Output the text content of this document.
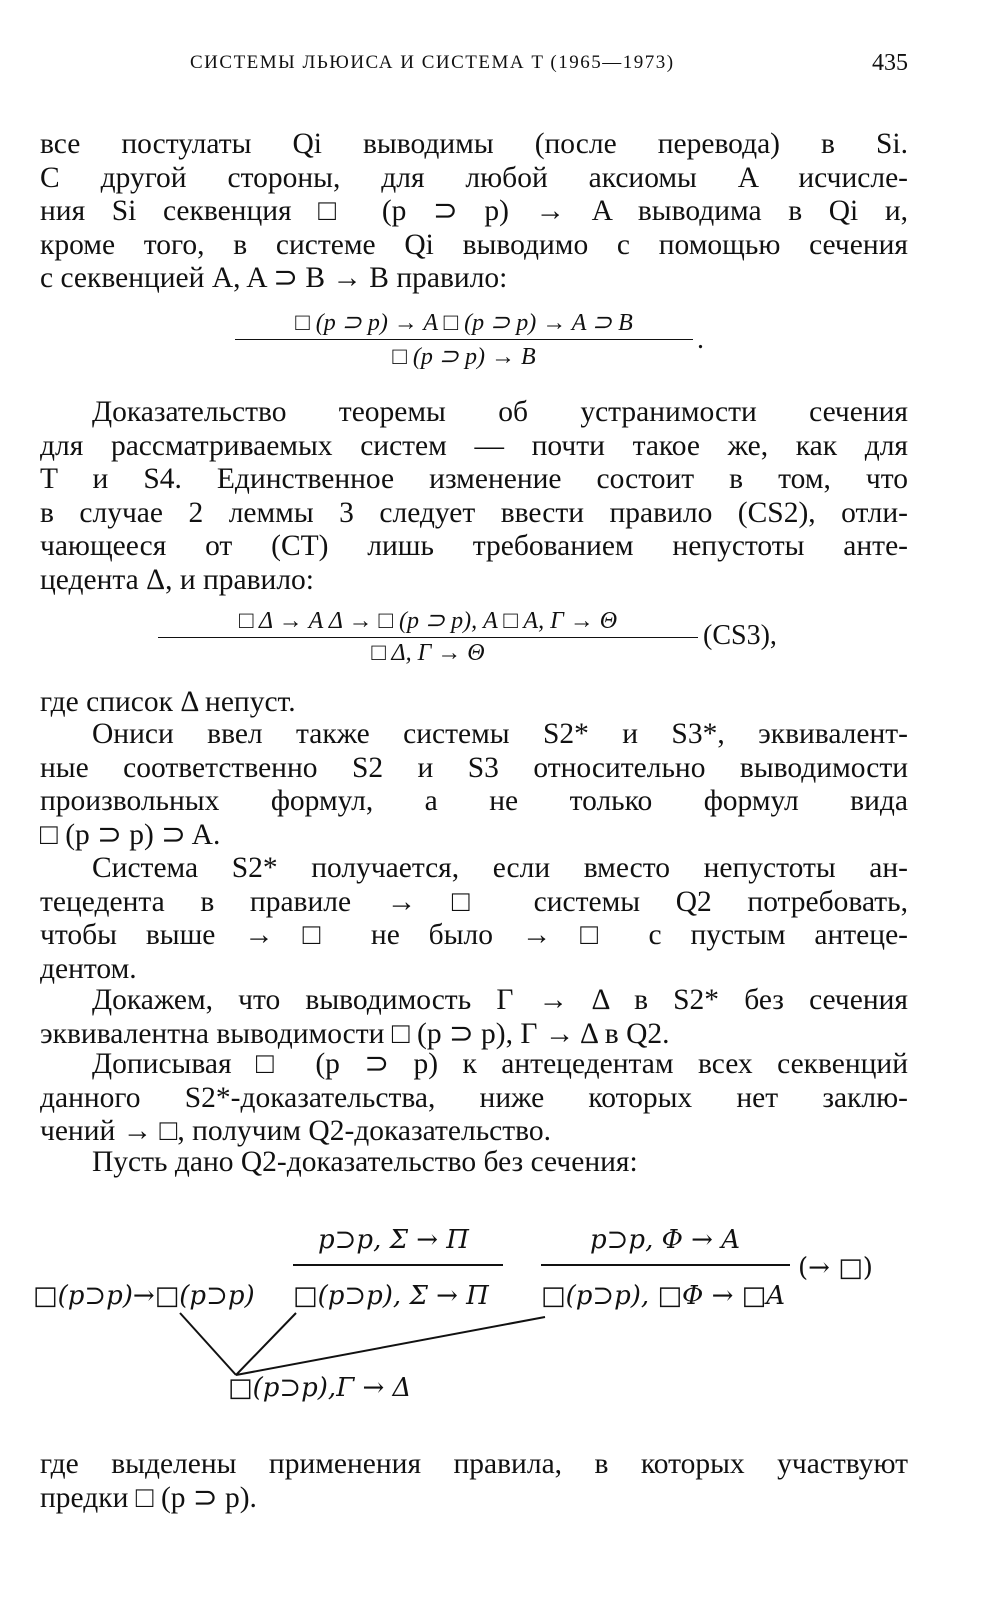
СИСТЕМЫ ЛЬЮИСА И СИСТЕМА T (1965—1973)	435
все постулаты Qi выводимы (после перевода) в Si.
С другой стороны, для любой аксиомы A исчисле-
ния Si секвенция □ (p ⊃ p) → A выводима в Qi и,
кроме того, в системе Qi выводимо с помощью сечения
с секвенцией A, A ⊃ B → B правило:
□ (p ⊃ p) → A □ (p ⊃ p) → A ⊃ B
□ (p ⊃ p) → B
.
Доказательство теоремы об устранимости сечения
для рассматриваемых систем — почти такое же, как для
T и S4. Единственное изменение состоит в том, что
в случае 2 леммы 3 следует ввести правило (CS2), отли-
чающееся от (CT) лишь требованием непустоты анте-
цедента Δ, и правило:
□ Δ → A Δ → □ (p ⊃ p), A □ A, Γ → Θ
□ Δ, Γ → Θ
(CS3),
где список Δ непуст.
Ониси ввел также системы S2* и S3*, эквивалент-
ные соответственно S2 и S3 относительно выводимости
произвольных формул, а не только формул вида
□ (p ⊃ p) ⊃ A.
Система S2* получается, если вместо непустоты ан-
тецедента в правиле → □ системы Q2 потребовать,
чтобы выше → □ не было → □ с пустым антеце-
дентом.
Докажем, что выводимость Γ → Δ в S2* без сечения
эквивалентна выводимости □ (p ⊃ p), Γ → Δ в Q2.
Дописывая □ (p ⊃ p) к антецедентам всех секвенций
данного S2*-доказательства, ниже которых нет заклю-
чений → □, получим Q2-доказательство.
Пусть дано Q2-доказательство без сечения:
где выделены применения правила, в которых участвуют
предки □ (p ⊃ p).
p⊃p, Σ → Π	p⊃p, Φ → A
(→ □)
□(p⊃p)→□(p⊃p) □(p⊃p), Σ → Π □(p⊃p), □Φ → □A
□(p⊃p),Γ → Δ
